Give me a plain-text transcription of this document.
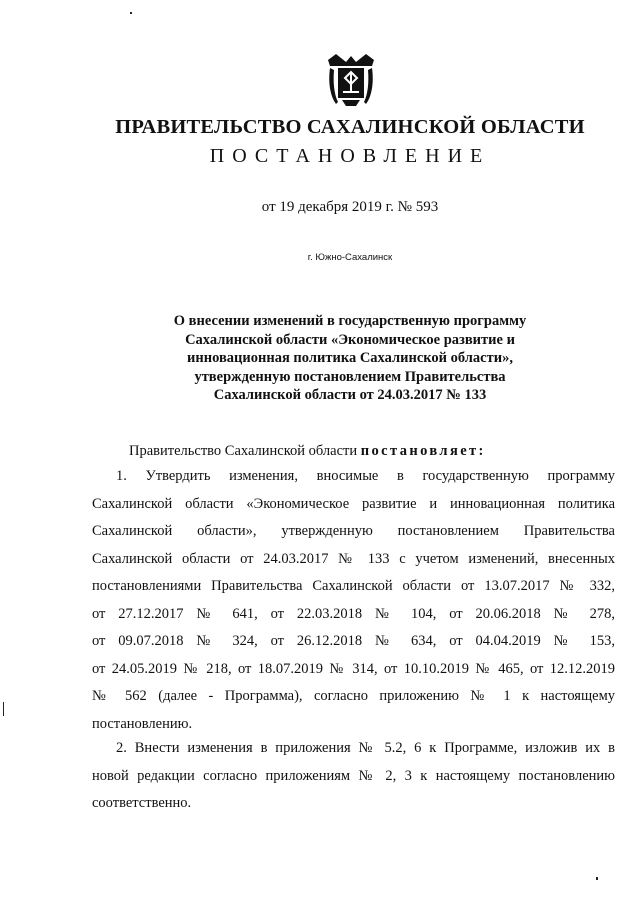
ПРАВИТЕЛЬСТВО САХАЛИНСКОЙ ОБЛАСТИ
ПОСТАНОВЛЕНИЕ
от 19 декабря 2019 г. № 593
г. Южно-Сахалинск
О внесении изменений в государственную программу
Сахалинской области «Экономическое развитие и
инновационная политика Сахалинской области»,
утвержденную постановлением Правительства
Сахалинской области от 24.03.2017 № 133
Правительство Сахалинской области постановляет:
1. Утвердить изменения, вносимые в государственную программу
Сахалинской области «Экономическое развитие и инновационная политика
Сахалинской области», утвержденную постановлением Правительства
Сахалинской области от 24.03.2017 № 133 с учетом изменений, внесенных
постановлениями Правительства Сахалинской области от 13.07.2017 № 332,
от 27.12.2017 № 641, от 22.03.2018 № 104, от 20.06.2018 № 278,
от 09.07.2018 № 324, от 26.12.2018 № 634, от 04.04.2019 № 153,
от 24.05.2019 № 218, от 18.07.2019 № 314, от 10.10.2019 № 465, от 12.12.2019
№ 562 (далее - Программа), согласно приложению № 1 к настоящему
постановлению.
2. Внести изменения в приложения № 5.2, 6 к Программе, изложив их в
новой редакции согласно приложениям № 2, 3 к настоящему постановлению
соответственно.
